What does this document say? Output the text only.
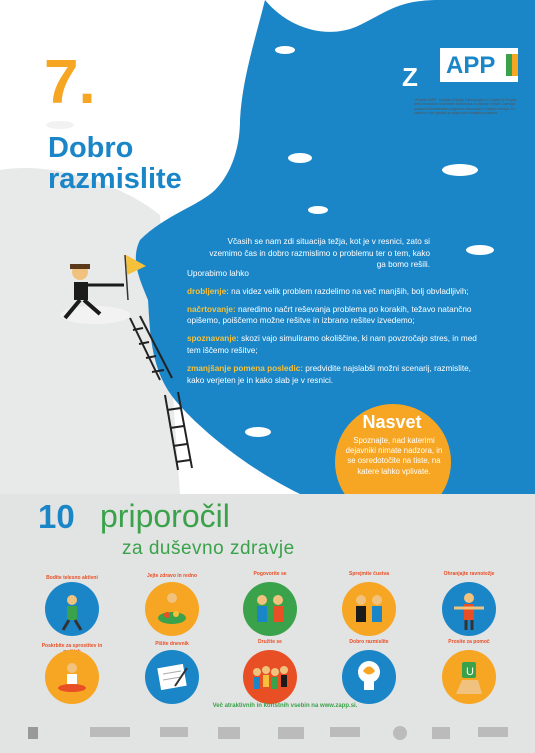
7.
Dobro
razmislite
Z APP
»Projekt ZAPP - Krepitev Zdravja Psihosocialno in Zapisi« je Projekt, delno financiran iz sredstev Ministrstva za zdravje v okviru Javnega razpisa za financiranje programov varovanja in krepitve zdravja. Za vsebino v tem gradivu je odgovoren izvajalec programa.
Včasih se nam zdi situacija težja, kot je v resnici, zato si vzemimo čas in dobro razmislimo o problemu ter o tem, kako ga bomo rešili.

Uporabimo lahko

drobljenje: na videz velik problem razdelimo na več manjših, bolj obvladljivih;

načrtovanje: naredimo načrt reševanja problema po korakih, težavo natančno opišemo, poiščemo možne rešitve in izbrano rešitev izvedemo;

spoznavanje: skozi vajo simuliramo okoliščine, ki nam povzročajo stres, in med tem iščemo rešitve;

zmanjšanje pomena posledic: predvidite najslabši možni scenarij, razmislite, kako verjeten je in kako slab je v resnici.

Nasvet
Spoznajte, nad katerimi dejavniki nimate nadzora, in se osredotočite na tiste, na katere lahko vplivate.
10 priporočil
za duševno zdravje
Bodite telesno aktivni	Jejte zdravo in redno	Pogovorite se	Sprejmite čustva	Ohranjajte ravnotežje
Poskrbite za sprostitev in	Pišite dnevnik	Družite se	Dobro razmislite	Prosite za pomoč
U
Več atraktivnih in koristnih vsebin na www.zapp.si.
